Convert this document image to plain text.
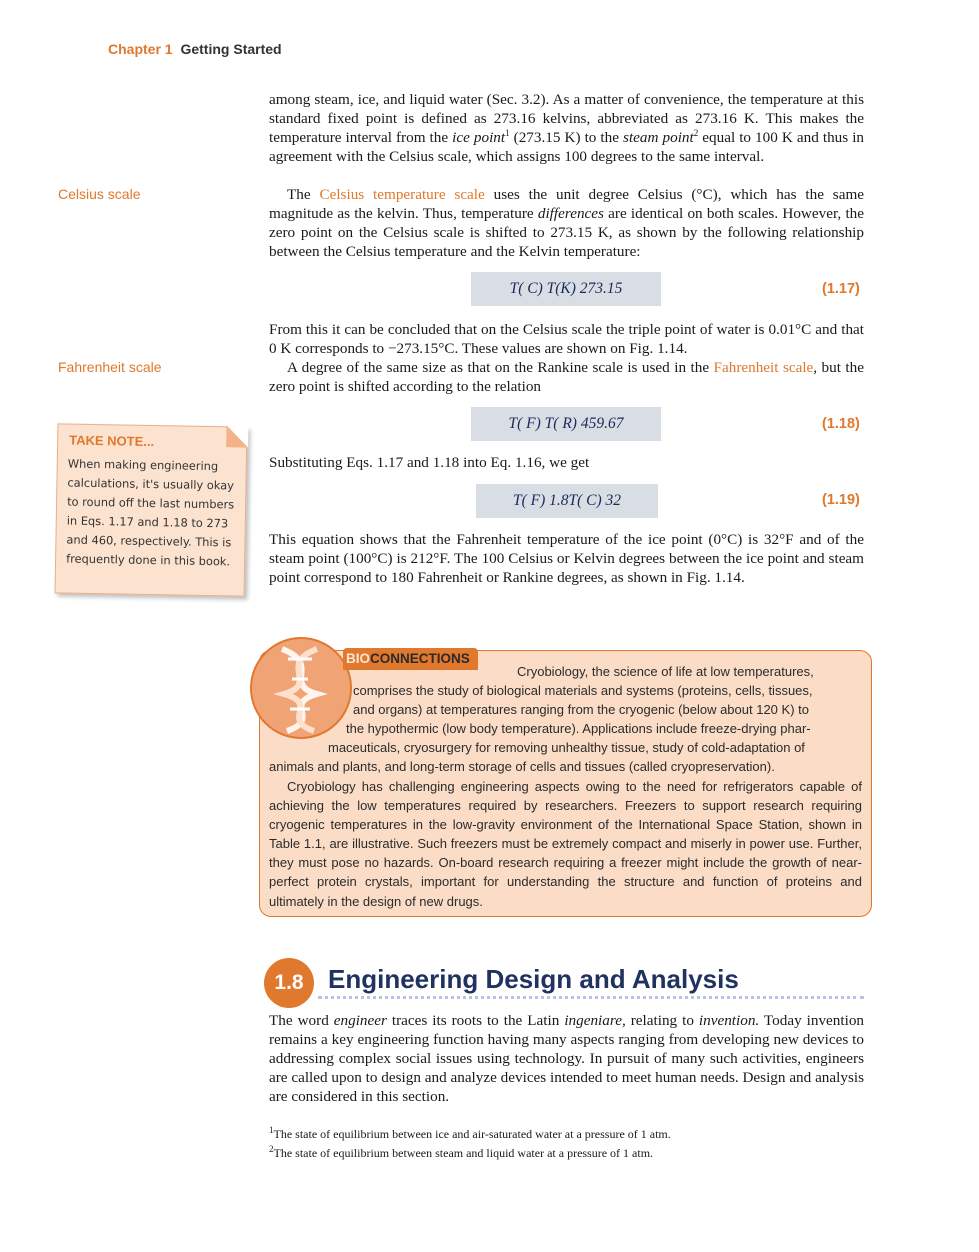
Chapter 1 Getting Started
among steam, ice, and liquid water (Sec. 3.2). As a matter of convenience, the temperature at this standard fixed point is defined as 273.16 kelvins, abbreviated as 273.16 K. This makes the temperature interval from the ice point$^1$ (273.15 K) to the steam point$^2$ equal to 100 K and thus in agreement with the Celsius scale, which assigns 100 degrees to the same interval.
Celsius scale
Fahrenheit scale
The Celsius temperature scale uses the unit degree Celsius (°C), which has the same magnitude as the kelvin. Thus, temperature differences are identical on both scales. However, the zero point on the Celsius scale is shifted to 273.15 K, as shown by the following relationship between the Celsius temperature and the Kelvin temperature:
T( C) T(K) 273.15	(1.17)
From this it can be concluded that on the Celsius scale the triple point of water is 0.01°C and that 0 K corresponds to −273.15°C. These values are shown on Fig. 1.14.
A degree of the same size as that on the Rankine scale is used in the Fahrenheit scale, but the zero point is shifted according to the relation
T( F) T( R) 459.67	(1.18)
TAKE NOTE...
When making engineering calculations, it's usually okay to round off the last numbers in Eqs. 1.17 and 1.18 to 273 and 460, respectively. This is frequently done in this book.
Substituting Eqs. 1.17 and 1.18 into Eq. 1.16, we get
T( F) 1.8T( C) 32	(1.19)
This equation shows that the Fahrenheit temperature of the ice point (0°C) is 32°F and of the steam point (100°C) is 212°F. The 100 Celsius or Kelvin degrees between the ice point and steam point correspond to 180 Fahrenheit or Rankine degrees, as shown in Fig. 1.14.
BIOCONNECTIONS
Cryobiology, the science of life at low temperatures,
comprises the study of biological materials and systems (proteins, cells, tissues,
and organs) at temperatures ranging from the cryogenic (below about 120 K) to
the hypothermic (low body temperature). Applications include freeze-drying phar-
maceuticals, cryosurgery for removing unhealthy tissue, study of cold-adaptation of
animals and plants, and long-term storage of cells and tissues (called cryopreservation).
Cryobiology has challenging engineering aspects owing to the need for refrigerators capable of achieving the low temperatures required by researchers. Freezers to support research requiring cryogenic temperatures in the low-gravity environment of the International Space Station, shown in Table 1.1, are illustrative. Such freezers must be extremely compact and miserly in power use. Further, they must pose no hazards. On-board research requiring a freezer might include the growth of near-perfect protein crystals, important for understanding the structure and function of proteins and ultimately in the design of new drugs.
1.8 Engineering Design and Analysis
The word engineer traces its roots to the Latin ingeniare, relating to invention. Today invention remains a key engineering function having many aspects ranging from developing new devices to addressing complex social issues using technology. In pursuit of many such activities, engineers are called upon to design and analyze devices intended to meet human needs. Design and analysis are considered in this section.
$^1$The state of equilibrium between ice and air-saturated water at a pressure of 1 atm.
$^2$The state of equilibrium between steam and liquid water at a pressure of 1 atm.
